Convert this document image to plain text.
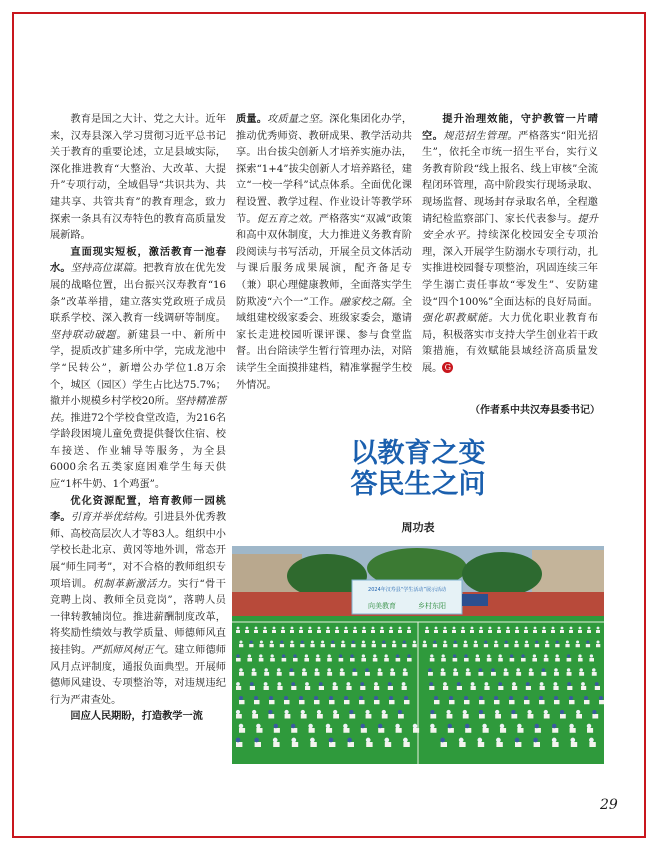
教育是国之大计、党之大计。近年来，汉寿县深入学习贯彻习近平总书记关于教育的重要论述，立足县域实际，深化推进教育“大整治、大改革、大提升”专项行动，全域倡导“共识共为、共建共享、共管共育”的教育理念，致力探索一条具有汉寿特色的教育高质量发展新路。

直面现实短板，激活教育一池春水。坚持高位谋篇。把教育放在优先发展的战略位置，出台振兴汉寿教育“16条”改革举措，建立落实党政班子成员联系学校、深入教育一线调研等制度。坚持联动破题。新建县一中、新所中学，提质改扩建多所中学，完成龙池中学“民转公”，新增公办学位1.8万余个，城区（园区）学生占比达75.7%；撤并小规模乡村学校20所。坚持精准帮扶。推进72个学校食堂改造，为216名学龄段困境儿童免费提供餐饮住宿、校车接送、作业辅导等服务，为全县6000余名五类家庭困难学生每天供应“1杯牛奶、1个鸡蛋”。

优化资源配置，培育教师一园桃李。引育并举优结构。引进县外优秀教师、高校高层次人才等83人。组织中小学校长赴北京、黄冈等地外训，常态开展“师生同考”，对不合格的教师组织专项培训。机制革新激活力。实行“骨干竞聘上岗、教师全员竞岗”，落聘人员一律转教辅岗位。推进薪酬制度改革，将奖励性绩效与教学质量、师德师风直接挂钩。严抓师风树正气。建立师德师风月点评制度，通报负面典型。开展师德师风建设、专项整治等，对违规违纪行为严肃查处。

回应人民期盼，打造教学一流

质量。攻质量之坚。深化集团化办学，推动优秀师资、教研成果、教学活动共享。出台拔尖创新人才培养实施办法，探索“1+4”拔尖创新人才培养路径，建立“一校一学科”试点体系。全面优化课程设置、教学过程、作业设计等教学环节。促五育之效。严格落实“双减”政策和高中双休制度，大力推进义务教育阶段阅读与书写活动，开展全员文体活动与课后服务成果展演，配齐备足专（兼）职心理健康教师，全面落实学生防欺凌“六个一”工作。融家校之隔。全域组建校级家委会、班级家委会，邀请家长走进校园听课评课、参与食堂监督。出台陪读学生暂行管理办法，对陪读学生全面摸排建档，精准掌握学生校外情况。

提升治理效能，守护教管一片晴空。规范招生管理。严格落实“阳光招生”，依托全市统一招生平台，实行义务教育阶段“线上报名、线上审核”全流程闭环管理，高中阶段实行现场录取、现场监督、现场封存录取名单，全程邀请纪检监察部门、家长代表参与。提升安全水平。持续深化校园安全专项治理，深入开展学生防溺水专项行动，扎实推进校园餐专项整治，巩固连续三年学生溺亡责任事故“零发生”、安防建设“四个100%”全面达标的良好局面。强化职教赋能。大力优化职业教育布局，积极落实市支持大学生创业若干政策措施，有效赋能县域经济高质量发展。 G

（作者系中共汉寿县委书记）
以教育之变
答民生之问
周功表
2024年汉寿县“学生活动”展示活动
向美教育	乡村东阳
29
